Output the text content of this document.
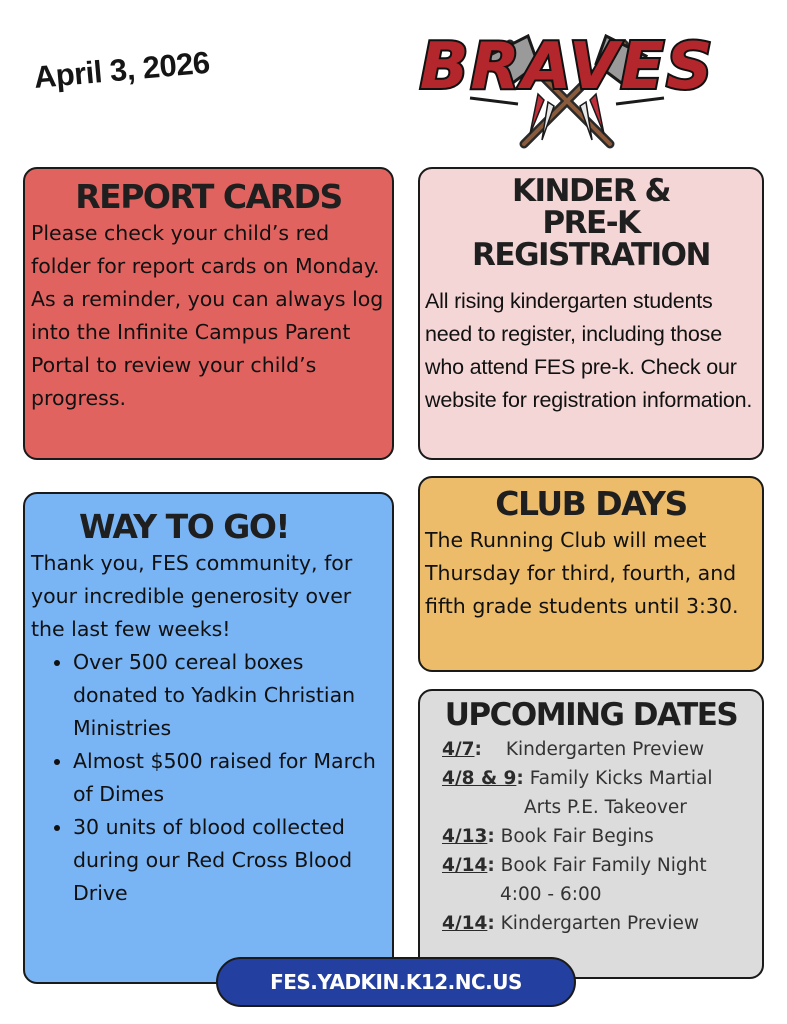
April 3, 2026	BRAVES
REPORT CARDS
Please check your child’s red folder for report cards on Monday. As a reminder, you can always log into the Infinite Campus Parent Portal to review your child’s progress.
KINDER &
PRE-K
REGISTRATION
All rising kindergarten students need to register, including those who attend FES pre-k. Check our website for registration information.
WAY TO GO!
Thank you, FES community, for your incredible generosity over the last few weeks!
• Over 500 cereal boxes donated to Yadkin Christian Ministries
• Almost $500 raised for March of Dimes
• 30 units of blood collected during our Red Cross Blood Drive
CLUB DAYS
The Running Club will meet Thursday for third, fourth, and fifth grade students until 3:30.
UPCOMING DATES
4/7: Kindergarten Preview
4/8 & 9: Family Kicks Martial
Arts P.E. Takeover
4/13: Book Fair Begins
4/14: Book Fair Family Night
4:00 - 6:00
4/14: Kindergarten Preview
FES.YADKIN.K12.NC.US
